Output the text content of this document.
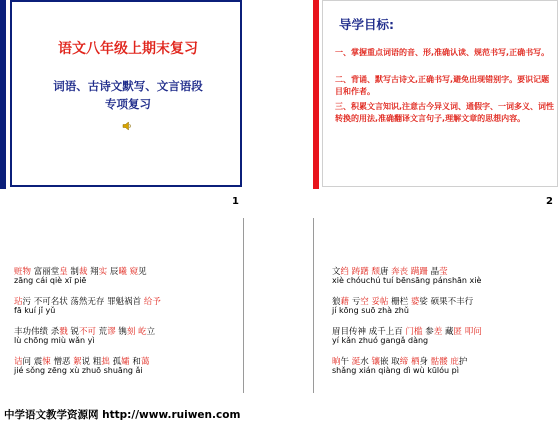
语文八年级上期末复习
词语、古诗文默写、文言语段
专项复习
1
导学目标:
一、掌握重点词语的音、形,准确认读、规范书写,正确书写。
二、背诵、默写古诗文,正确书写,避免出现错别字。要识记题目和作者。
三、积累文言知识,注意古今异义词、通假字、一词多义、词性转换的用法,准确翻译文言句子,理解文章的思想内容。
2
赃物 富丽堂皇 制裁 翔实 辰曦 窥见
zāng cái qiè xī piē
玷污 不可名状 荡然无存 罪魁祸首 给予
fā kuí jǐ yǔ
丰功伟绩 杀戮 锐不可 荒谬 镌刻 屹立
lù chōng miù wǎn yì
诘问 震悚 憎恶 絮说 粗拙 孤孀 和蔼
jié sǒng zēng xù zhuō shuāng ǎi
文绉 踌躇 颓唐 奔丧 蹒跚 晶莹
xiè chóuchú tuí bēnsāng pánshān xiè
狼藉 亏空 妥帖 栅栏 婆娑 硕果不丰行
jí kōng suō zhà zhǔ
眉目传神 成千上百 门槛 参差 藏匿 叩问
yí kǎn zhuó gangǎ dàng
晌午 涎水 镶嵌 取缔 栖身 骷髅 庇护
shǎng xián qiàng dì wù kūlóu pì
中学语文教学资源网 http://www.ruiwen.com
